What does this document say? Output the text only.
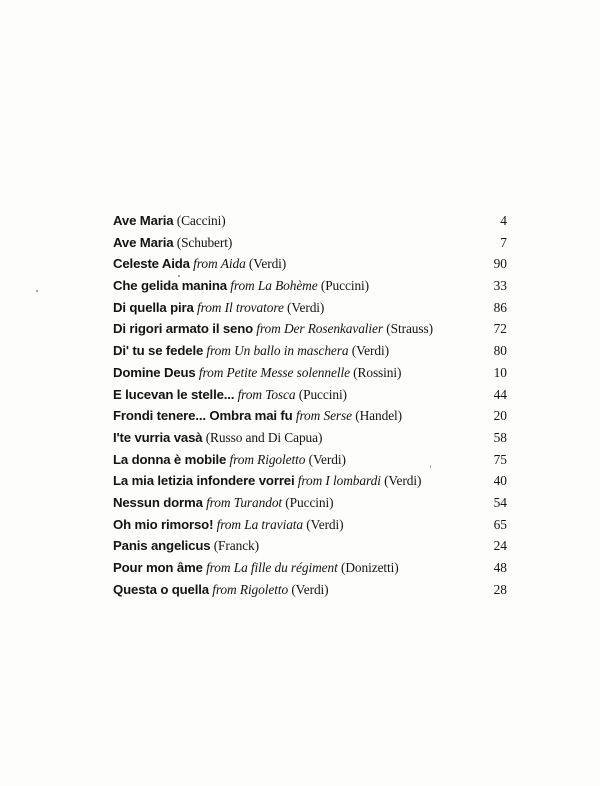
Ave Maria (Caccini)	4
Ave Maria (Schubert)	7
Celeste Aida from Aida (Verdi)	90
Che gelida manina from La Bohème (Puccini)	33
Di quella pira from Il trovatore (Verdi)	86
Di rigori armato il seno from Der Rosenkavalier (Strauss)	72
Di' tu se fedele from Un ballo in maschera (Verdi)	80
Domine Deus from Petite Messe solennelle (Rossini)	10
E lucevan le stelle... from Tosca (Puccini)	44
Frondi tenere... Ombra mai fu from Serse (Handel)	20
I'te vurria vasà (Russo and Di Capua)	58
La donna è mobile from Rigoletto (Verdi)	75
La mia letizia infondere vorrei from I lombardi (Verdi)	40
Nessun dorma from Turandot (Puccini)	54
Oh mio rimorso! from La traviata (Verdi)	65
Panis angelicus (Franck)	24
Pour mon âme from La fille du régiment (Donizetti)	48
Questa o quella from Rigoletto (Verdi)	28
